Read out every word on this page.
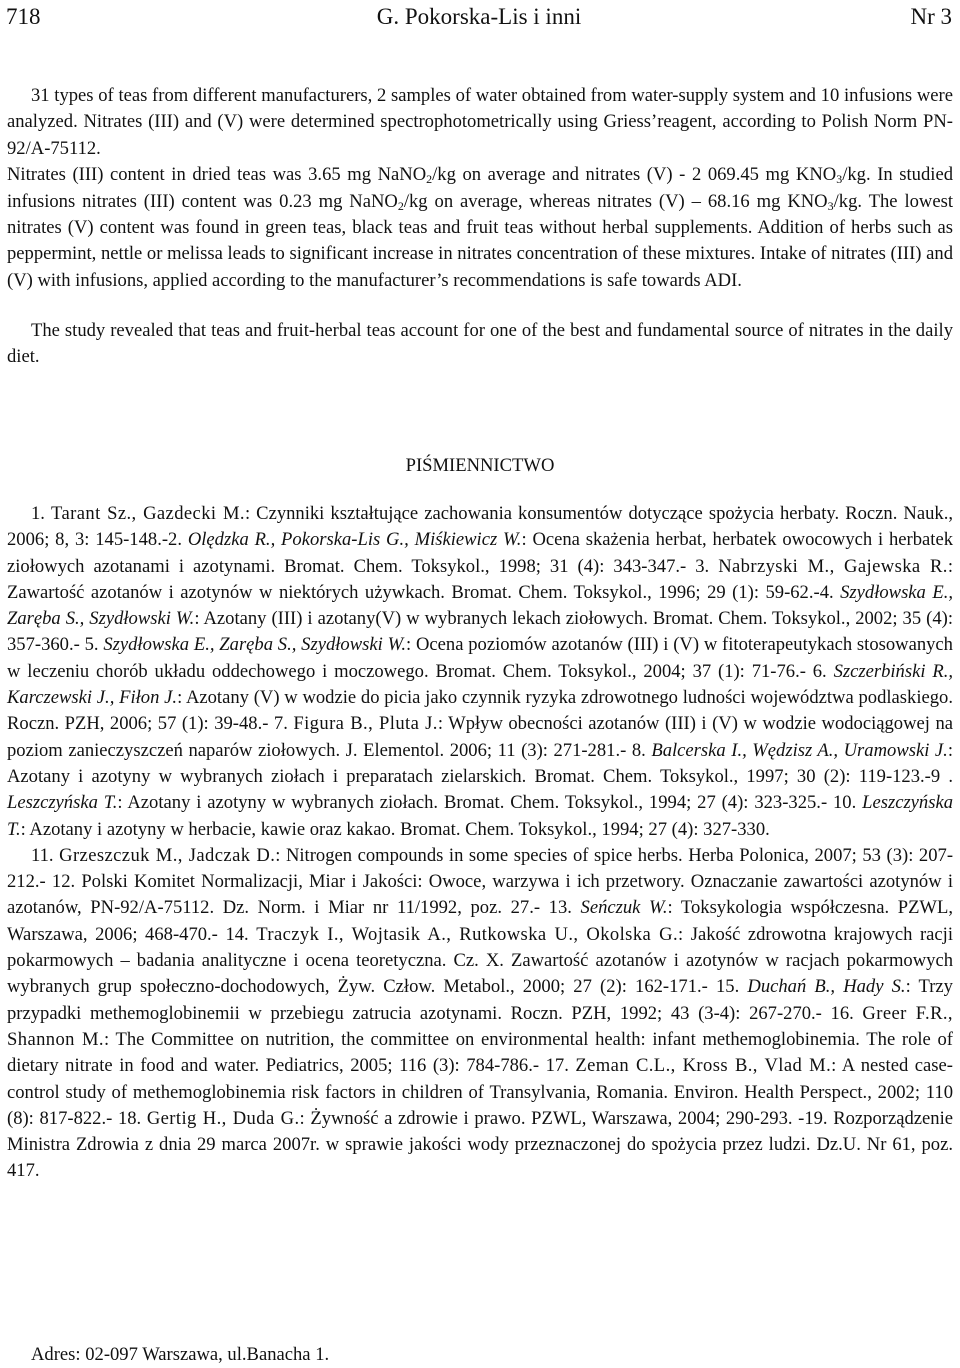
718	G. Pokorska-Lis i inni	Nr 3
31 types of teas from different manufacturers, 2 samples of water obtained from water-supply system and 10 infusions were analyzed. Nitrates (III) and (V) were determined spectrophotometrically using Griess’reagent, according to Polish Norm PN-92/A-75112.
Nitrates (III) content in dried teas was 3.65 mg NaNO$_2$/kg on average and nitrates (V) - 2 069.45 mg $KNO_3/kg$. In studied infusions nitrates (III) content was 0.23 mg NaNO$_2$/kg on average, whereas nitrates (V) – 68.16 mg $KNO_3/kg$. The lowest nitrates (V) content was found in green teas, black teas and fruit teas without herbal supplements. Addition of herbs such as peppermint, nettle or melissa leads to significant increase in nitrates concentration of these mixtures. Intake of nitrates (III) and (V) with infusions, applied according to the manufacturer’s recommendations is safe towards ADI.
The study revealed that teas and fruit-herbal teas account for one of the best and fundamental source of nitrates in the daily diet.
PIŚMIENNICTWO

1. Tarant Sz., Gazdecki M.: Czynniki kształtujące zachowania konsumentów dotyczące spożycia herbaty. Roczn. Nauk., 2006; 8, 3: 145-148.-2. Olędzka R., Pokorska-Lis G., Miśkiewicz W.: Ocena skażenia herbat, herbatek owocowych i herbatek ziołowych azotanami i azotynami. Bromat. Chem. Toksykol., 1998; 31 (4): 343-347.- 3. Nabrzyski M., Gajewska R.: Zawartość azotanów i azotynów w niektórych używkach. Bromat. Chem. Toksykol., 1996; 29 (1): 59-62.-4. Szydłowska E., Zaręba S., Szydłowski W.: Azotany (III) i azotany(V) w wybranych lekach ziołowych. Bromat. Chem. Toksykol., 2002; 35 (4): 357-360.- 5. Szydłowska E., Zaręba S., Szydłowski W.: Ocena poziomów azotanów (III) i (V) w fitoterapeutykach stosowanych w leczeniu chorób układu oddechowego i moczowego. Bromat. Chem. Toksykol., 2004; 37 (1): 71-76.- 6. Szczerbiński R., Karczewski J., Fiłon J.: Azotany (V) w wodzie do picia jako czynnik ryzyka zdrowotnego ludności województwa podlaskiego. Roczn. PZH, 2006; 57 (1): 39-48.- 7. Figura B., Pluta J.: Wpływ obecności azotanów (III) i (V) w wodzie wodociągowej na poziom zanieczyszczeń naparów ziołowych. J. Elementol. 2006; 11 (3): 271-281.- 8. Balcerska I., Wędzisz A., Uramowski J.: Azotany i azotyny w wybranych ziołach i preparatach zielarskich. Bromat. Chem. Toksykol., 1997; 30 (2): 119-123.-9 . Leszczyńska T.: Azotany i azotyny w wybranych ziołach. Bromat. Chem. Toksykol., 1994; 27 (4): 323-325.- 10. Leszczyńska T.: Azotany i azotyny w herbacie, kawie oraz kakao. Bromat. Chem. Toksykol., 1994; 27 (4): 327-330.

11. Grzeszczuk M., Jadczak D.: Nitrogen compounds in some species of spice herbs. Herba Polonica, 2007; 53 (3): 207-212.- 12. Polski Komitet Normalizacji, Miar i Jakości: Owoce, warzywa i ich przetwory. Oznaczanie zawartości azotynów i azotanów, PN-92/A-75112. Dz. Norm. i Miar nr 11/1992, poz. 27.- 13. Seńczuk W.: Toksykologia współczesna. PZWL, Warszawa, 2006; 468-470.- 14. Traczyk I., Wojtasik A., Rutkowska U., Okolska G.: Jakość zdrowotna krajowych racji pokarmowych – badania analityczne i ocena teoretyczna. Cz. X. Zawartość azotanów i azotynów w racjach pokarmowych wybranych grup społeczno-dochodowych, Żyw. Człow. Metabol., 2000; 27 (2): 162-171.- 15. Duchań B., Hady S.: Trzy przypadki methemoglobinemii w przebiegu zatrucia azotynami. Roczn. PZH, 1992; 43 (3-4): 267-270.- 16. Greer F.R., Shannon M.: The Committee on nutrition, the committee on environmental health: infant methemoglobinemia. The role of dietary nitrate in food and water. Pediatrics, 2005; 116 (3): 784-786.- 17. Zeman C.L., Kross B., Vlad M.: A nested case-control study of methemoglobinemia risk factors in children of Transylvania, Romania. Environ. Health Perspect., 2002; 110 (8): 817-822.- 18. Gertig H., Duda G.: Żywność a zdrowie i prawo. PZWL, Warszawa, 2004; 290-293. -19. Rozporządzenie Ministra Zdrowia z dnia 29 marca 2007r. w sprawie jakości wody przeznaczonej do spożycia przez ludzi. Dz.U. Nr 61, poz. 417.

Adres: 02-097 Warszawa, ul.Banacha 1.
